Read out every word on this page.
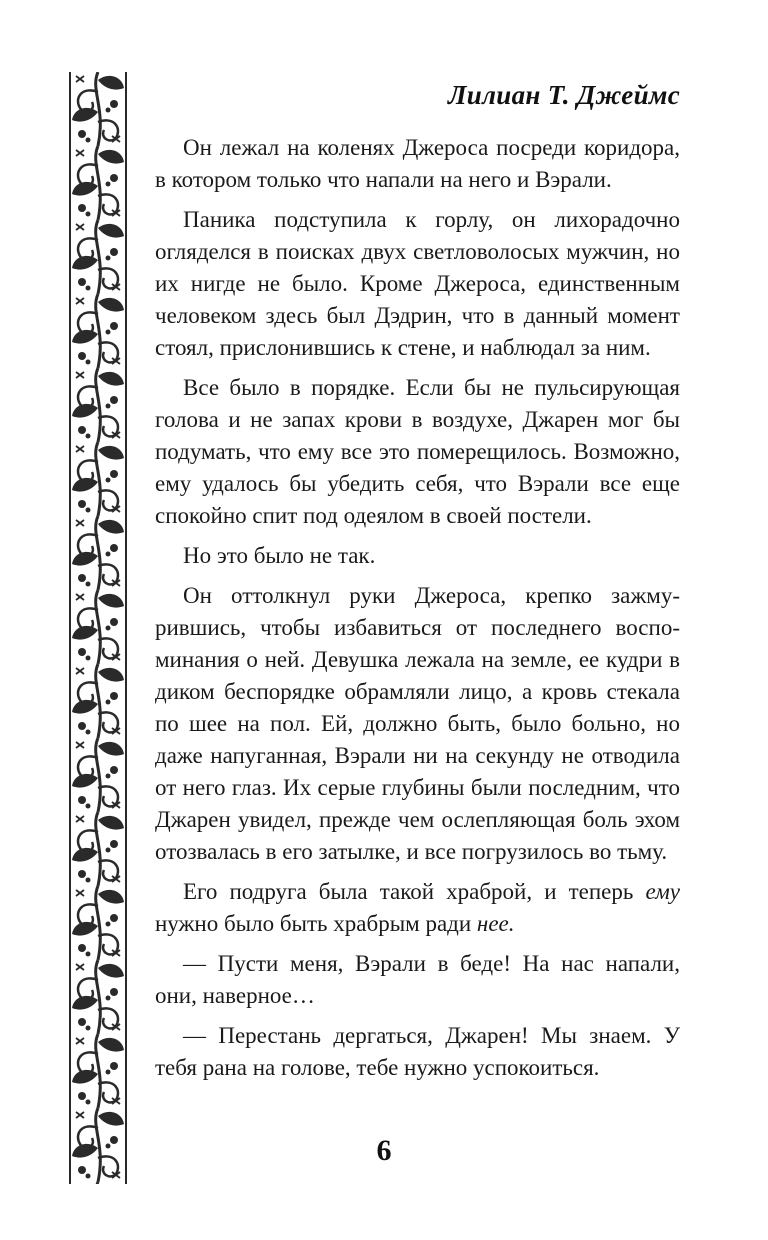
Лилиан Т. Джеймс

Он лежал на коленях Джероса посреди коридора, в котором только что напали на него и Вэрали.

Паника подступила к горлу, он лихорадочно огляделся в поисках двух светловолосых мужчин, но их нигде не было. Кроме Джероса, единственным человеком здесь был Дэдрин, что в данный момент стоял, прислонившись к стене, и наблюдал за ним.

Все было в порядке. Если бы не пульсирующая голова и не запах крови в воздухе, Джарен мог бы подумать, что ему все это померещилось. Возможно, ему удалось бы убедить себя, что Вэрали все еще спокойно спит под одеялом в своей постели.

Но это было не так.

Он оттолкнул руки Джероса, крепко зажмурившись, чтобы избавиться от последнего воспоминания о ней. Девушка лежала на земле, ее кудри в диком беспорядке обрамляли лицо, а кровь стекала по шее на пол. Ей, должно быть, было больно, но даже напуганная, Вэрали ни на секунду не отводила от него глаз. Их серые глубины были последним, что Джарен увидел, прежде чем ослепляющая боль эхом отозвалась в его затылке, и все погрузилось во тьму.

Его подруга была такой храброй, и теперь ему нужно было быть храбрым ради нее.

— Пусти меня, Вэрали в беде! На нас напали, они, наверное…

— Перестань дергаться, Джарен! Мы знаем. У тебя рана на голове, тебе нужно успокоиться.

6
